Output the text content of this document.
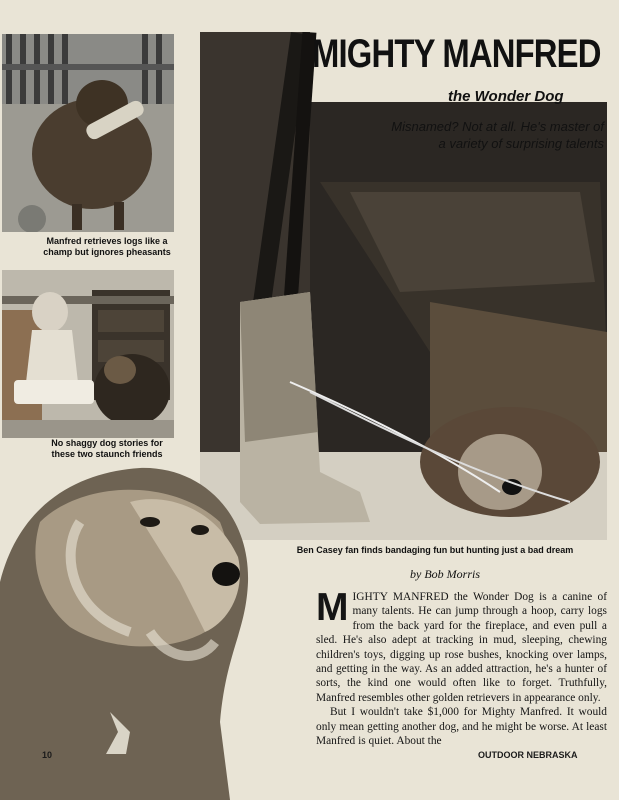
Manfred retrieves logs like a champ but ignores pheasants
No shaggy dog stories for these two staunch friends
MIGHTY MANFRED
the Wonder Dog
Misnamed? Not at all. He's master of a variety of surprising talents
Ben Casey fan finds bandaging fun but hunting just a bad dream
by Bob Morris

MIGHTY MANFRED the Wonder Dog is a canine of many talents. He can jump through a hoop, carry logs from the back yard for the fireplace, and even pull a sled. He's also adept at tracking in mud, sleeping, chewing children's toys, digging up rose bushes, knocking over lamps, and getting in the way. As an added attraction, he's a hunter of sorts, the kind one would often like to forget. Truthfully, Manfred resembles other golden retrievers in appearance only.

But I wouldn't take $1,000 for Mighty Manfred. It would only mean getting another dog, and he might be worse. At least Manfred is quiet. About the

10	OUTDOOR NEBRASKA
